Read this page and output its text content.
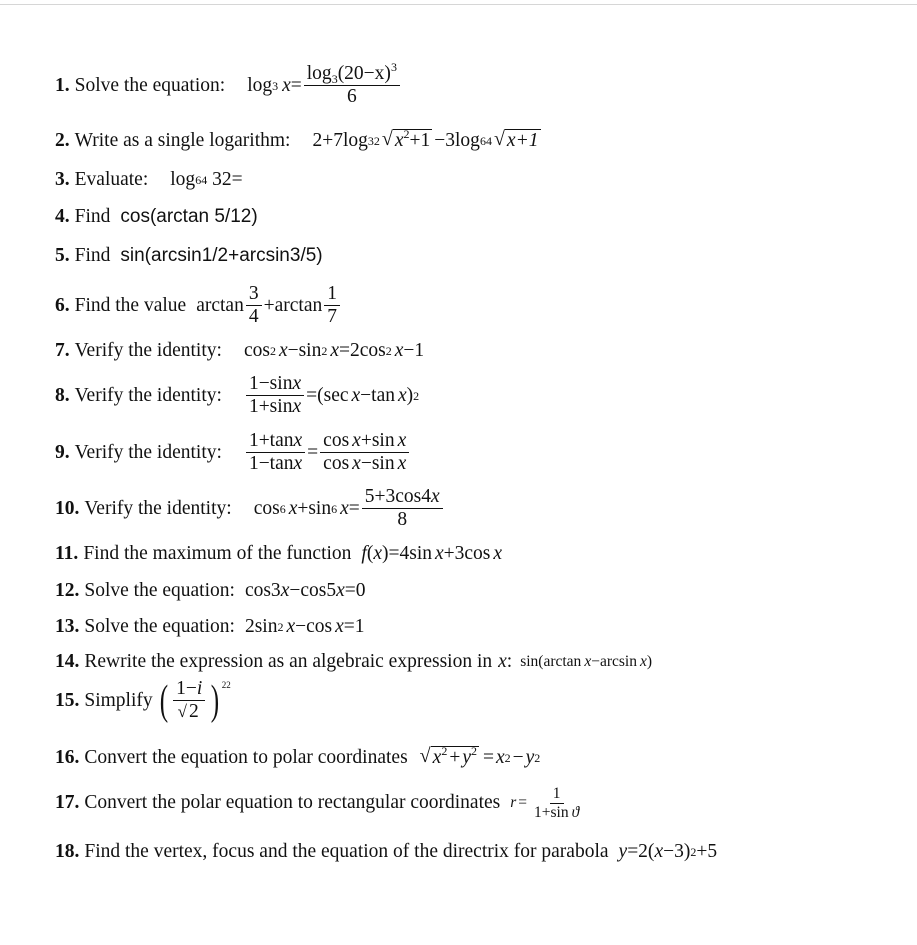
1. Solve the equation: log 3 $x = \frac{\log_3(20-x)^3}{6}$
2. Write as a single logarithm: 2+7log 32 √ $x^2+1 -3\log$ 64 √ x+1
3. Evaluate: log 64 32=
4. Find cos(arctan 5/12)
5. Find sin(arcsin1/2+arcsin3/5)
6. Find the value $\arctan \frac{3}{4} +\arctan \frac{1}{7}$
7. Verify the identity: cos 2 x −sin 2 x =2cos 2 x −1
8. Verify the identity: $\frac{1-\sin x}{1+\sin x} =(\sec$ x −tan x ) 2
9. Verify the identity: $\frac{1+\tan x}{1-\tan x} = \frac{\text{cos x+sin x}}{\text{cos x−sin x}}$
10. Verify the identity: cos 6 x +sin 6 $x = \frac{5+3\cos 4x}{8}$
11. Find the maximum of the function f ( x )=4sin x +3cos x
12. Solve the equation: cos3 x −cos5 x =0
13. Solve the equation: 2sin 2 x −cos x =1
14. Rewrite the expression as an algebraic expression in x : sin(arctan x −arcsin x )
15. Simplify ( $\frac{1-i}{√ 2}$ ) 22
16. Convert the equation to polar coordinates √ $x^2 + y^2 = x$ 2 − y 2
17. Convert the polar equation to rectangular coordinates $r = \frac{1}{\text{1+sin ϑ}}$
18. Find the vertex, focus and the equation of the directrix for parabola y =2( x −3) 2 +5
